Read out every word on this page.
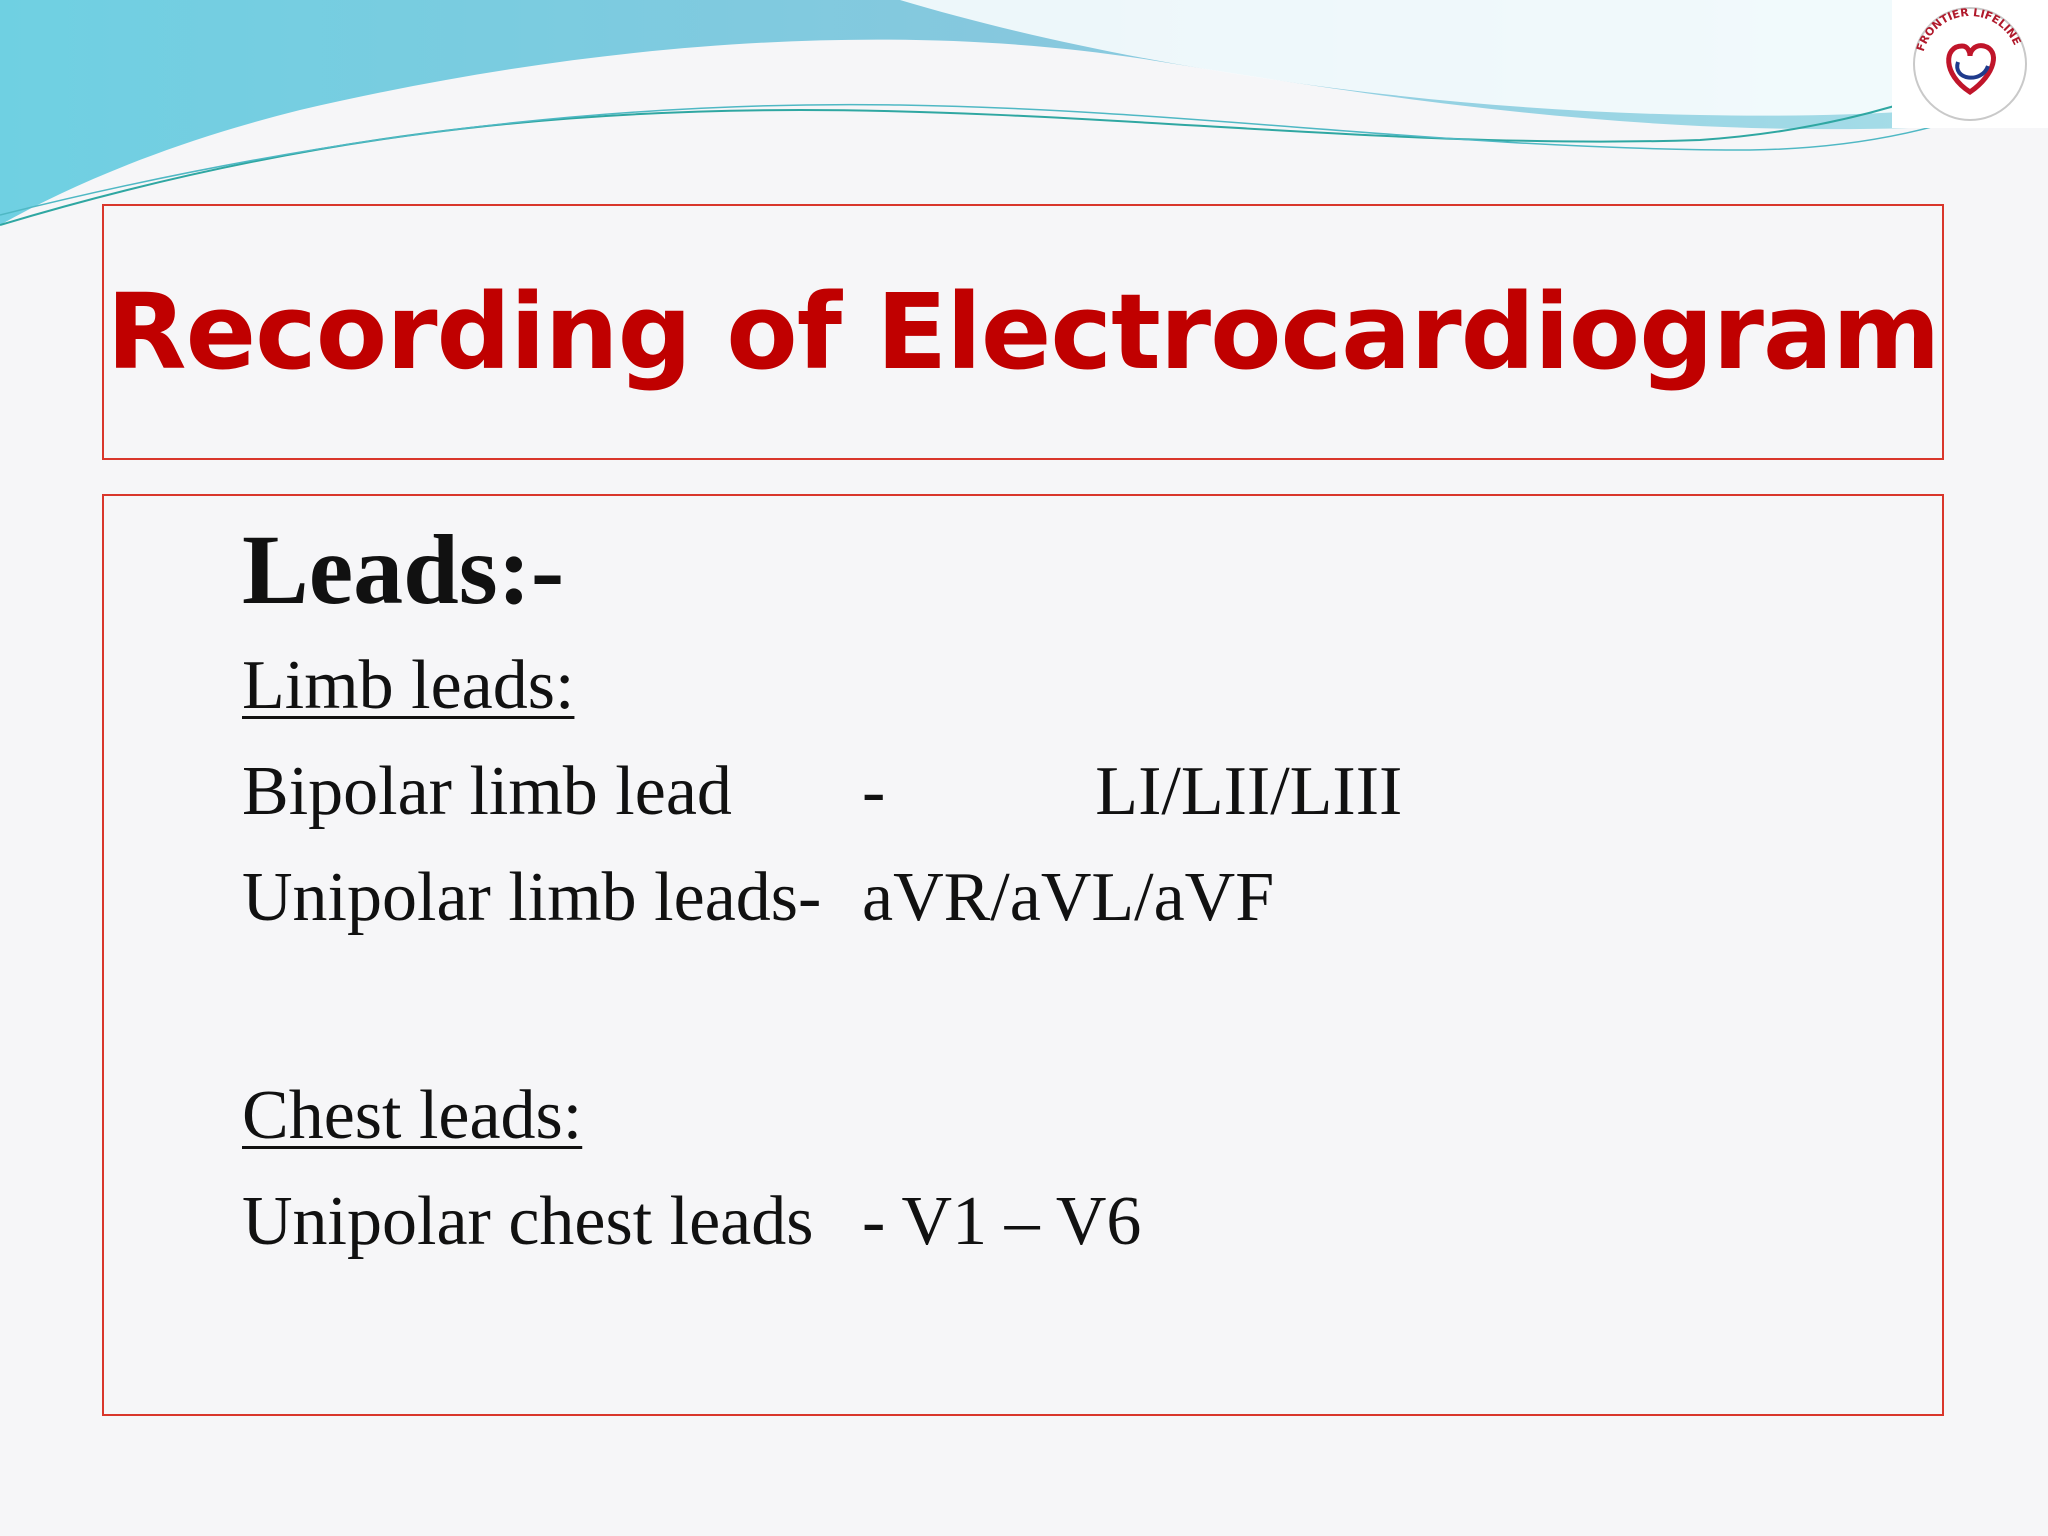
FRONTIER LIFELINE
Recording of Electrocardiogram
Leads:-
Limb leads:
Bipolar limb lead -            LI/LII/LIII
Unipolar limb leads- aVR/aVL/aVF
Chest leads:
Unipolar chest leads - V1 – V6
